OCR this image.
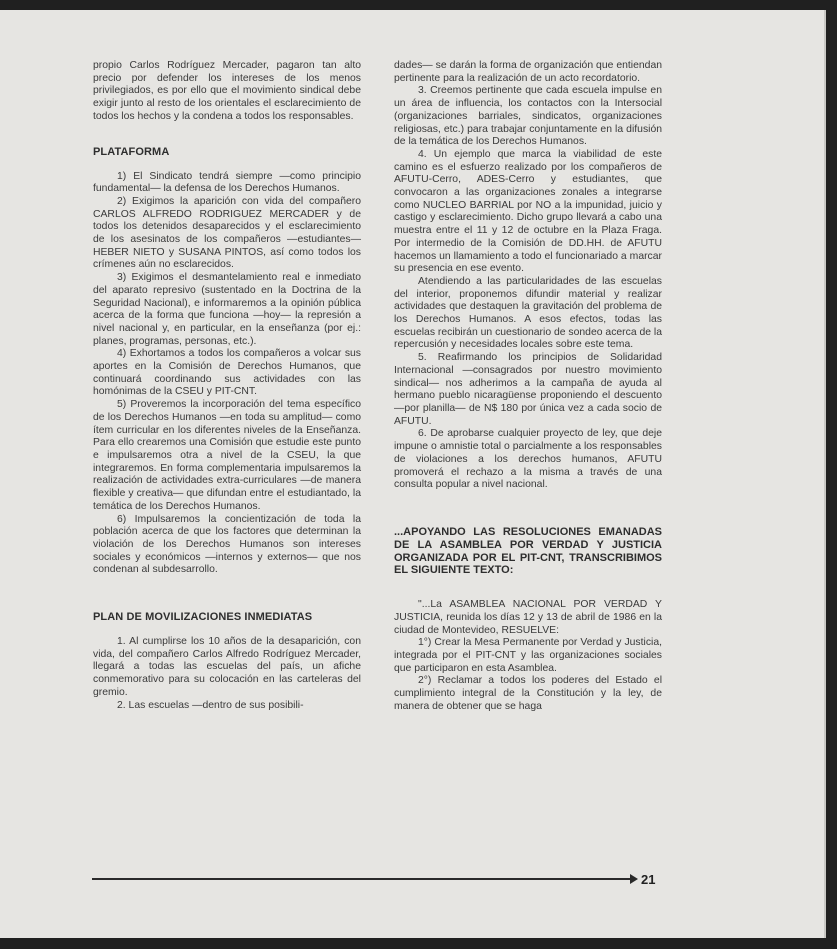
propio Carlos Rodríguez Mercader, pagaron tan alto precio por defender los intereses de los menos privilegiados, es por ello que el movimiento sindical debe exigir junto al resto de los orientales el esclarecimiento de todos los hechos y la condena a todos los responsables.

PLATAFORMA

1) El Sindicato tendrá siempre —como principio fundamental— la defensa de los Derechos Humanos.

2) Exigimos la aparición con vida del compañero CARLOS ALFREDO RODRIGUEZ MERCADER y de todos los detenidos desaparecidos y el esclarecimiento de los asesinatos de los compañeros —estudiantes— HEBER NIETO y SUSANA PINTOS, así como todos los crímenes aún no esclarecidos.

3) Exigimos el desmantelamiento real e inmediato del aparato represivo (sustentado en la Doctrina de la Seguridad Nacional), e informaremos a la opinión pública acerca de la forma que funciona —hoy— la represión a nivel nacional y, en particular, en la enseñanza (por ej.: planes, programas, personas, etc.).

4) Exhortamos a todos los compañeros a volcar sus aportes en la Comisión de Derechos Humanos, que continuará coordinando sus actividades con las homónimas de la CSEU y PIT-CNT.

5) Proveremos la incorporación del tema específico de los Derechos Humanos —en toda su amplitud— como ítem curricular en los diferentes niveles de la Enseñanza. Para ello crearemos una Comisión que estudie este punto e impulsaremos otra a nivel de la CSEU, la que integraremos. En forma complementaria impulsaremos la realización de actividades extra-curriculares —de manera flexible y creativa— que difundan entre el estudiantado, la temática de los Derechos Humanos.

6) Impulsaremos la concientización de toda la población acerca de que los factores que determinan la violación de los Derechos Humanos son intereses sociales y económicos —internos y externos— que nos condenan al subdesarrollo.

PLAN DE MOVILIZACIONES INMEDIATAS

1. Al cumplirse los 10 años de la desaparición, con vida, del compañero Carlos Alfredo Rodríguez Mercader, llegará a todas las escuelas del país, un afiche conmemorativo para su colocación en las carteleras del gremio.

2. Las escuelas —dentro de sus posibili-

dades— se darán la forma de organización que entiendan pertinente para la realización de un acto recordatorio.

3. Creemos pertinente que cada escuela impulse en un área de influencia, los contactos con la Intersocial (organizaciones barriales, sindicatos, organizaciones religiosas, etc.) para trabajar conjuntamente en la difusión de la temática de los Derechos Humanos.

4. Un ejemplo que marca la viabilidad de este camino es el esfuerzo realizado por los compañeros de AFUTU-Cerro, ADES-Cerro y estudiantes, que convocaron a las organizaciones zonales a integrarse como NUCLEO BARRIAL por NO a la impunidad, juicio y castigo y esclarecimiento. Dicho grupo llevará a cabo una muestra entre el 11 y 12 de octubre en la Plaza Fraga. Por intermedio de la Comisión de DD.HH. de AFUTU hacemos un llamamiento a todo el funcionariado a marcar su presencia en ese evento.

Atendiendo a las particularidades de las escuelas del interior, proponemos difundir material y realizar actividades que destaquen la gravitación del problema de los Derechos Humanos. A esos efectos, todas las escuelas recibirán un cuestionario de sondeo acerca de la repercusión y necesidades locales sobre este tema.

5. Reafirmando los principios de Solidaridad Internacional —consagrados por nuestro movimiento sindical— nos adherimos a la campaña de ayuda al hermano pueblo nicaragüense proponiendo el descuento —por planilla— de N$ 180 por única vez a cada socio de AFUTU.

6. De aprobarse cualquier proyecto de ley, que deje impune o amnistie total o parcialmente a los responsables de violaciones a los derechos humanos, AFUTU promoverá el rechazo a la misma a través de una consulta popular a nivel nacional.

...APOYANDO LAS RESOLUCIONES EMANADAS DE LA ASAMBLEA POR VERDAD Y JUSTICIA ORGANIZADA POR EL PIT-CNT, TRANSCRIBIMOS EL SIGUIENTE TEXTO:

"...La ASAMBLEA NACIONAL POR VERDAD Y JUSTICIA, reunida los días 12 y 13 de abril de 1986 en la ciudad de Montevideo, RESUELVE:

1°) Crear la Mesa Permanente por Verdad y Justicia, integrada por el PIT-CNT y las organizaciones sociales que participaron en esta Asamblea.

2°) Reclamar a todos los poderes del Estado el cumplimiento integral de la Constitución y la ley, de manera de obtener que se haga

21
